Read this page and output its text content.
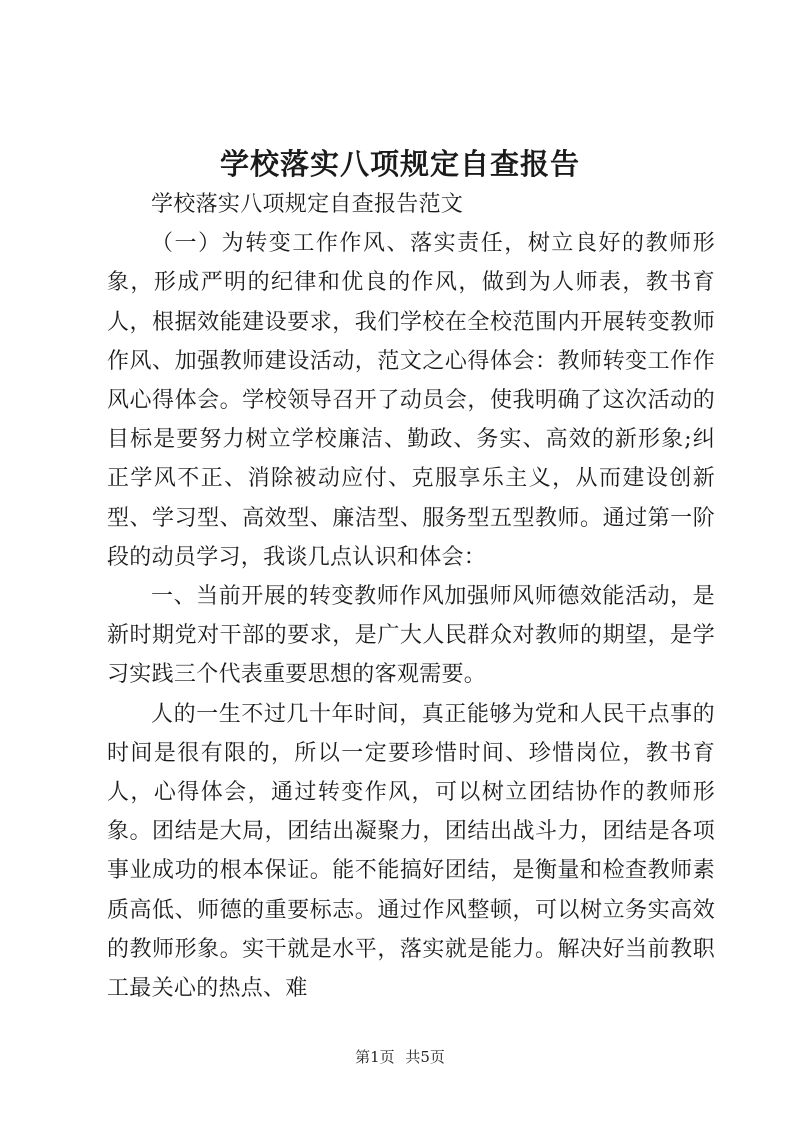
学校落实八项规定自查报告

学校落实八项规定自查报告范文

（一）为转变工作作风、落实责任，树立良好的教师形象，形成严明的纪律和优良的作风，做到为人师表，教书育人，根据效能建设要求，我们学校在全校范围内开展转变教师作风、加强教师建设活动，范文之心得体会：教师转变工作作风心得体会。学校领导召开了动员会，使我明确了这次活动的目标是要努力树立学校廉洁、勤政、务实、高效的新形象;纠正学风不正、消除被动应付、克服享乐主义，从而建设创新型、学习型、高效型、廉洁型、服务型五型教师。通过第一阶段的动员学习，我谈几点认识和体会：

一、当前开展的转变教师作风加强师风师德效能活动，是新时期党对干部的要求，是广大人民群众对教师的期望，是学习实践三个代表重要思想的客观需要。

人的一生不过几十年时间，真正能够为党和人民干点事的时间是很有限的，所以一定要珍惜时间、珍惜岗位，教书育人，心得体会，通过转变作风，可以树立团结协作的教师形象。团结是大局，团结出凝聚力，团结出战斗力，团结是各项事业成功的根本保证。能不能搞好团结，是衡量和检查教师素质高低、师德的重要标志。通过作风整顿，可以树立务实高效的教师形象。实干就是水平，落实就是能力。解决好当前教职工最关心的热点、难

第1页 共5页
